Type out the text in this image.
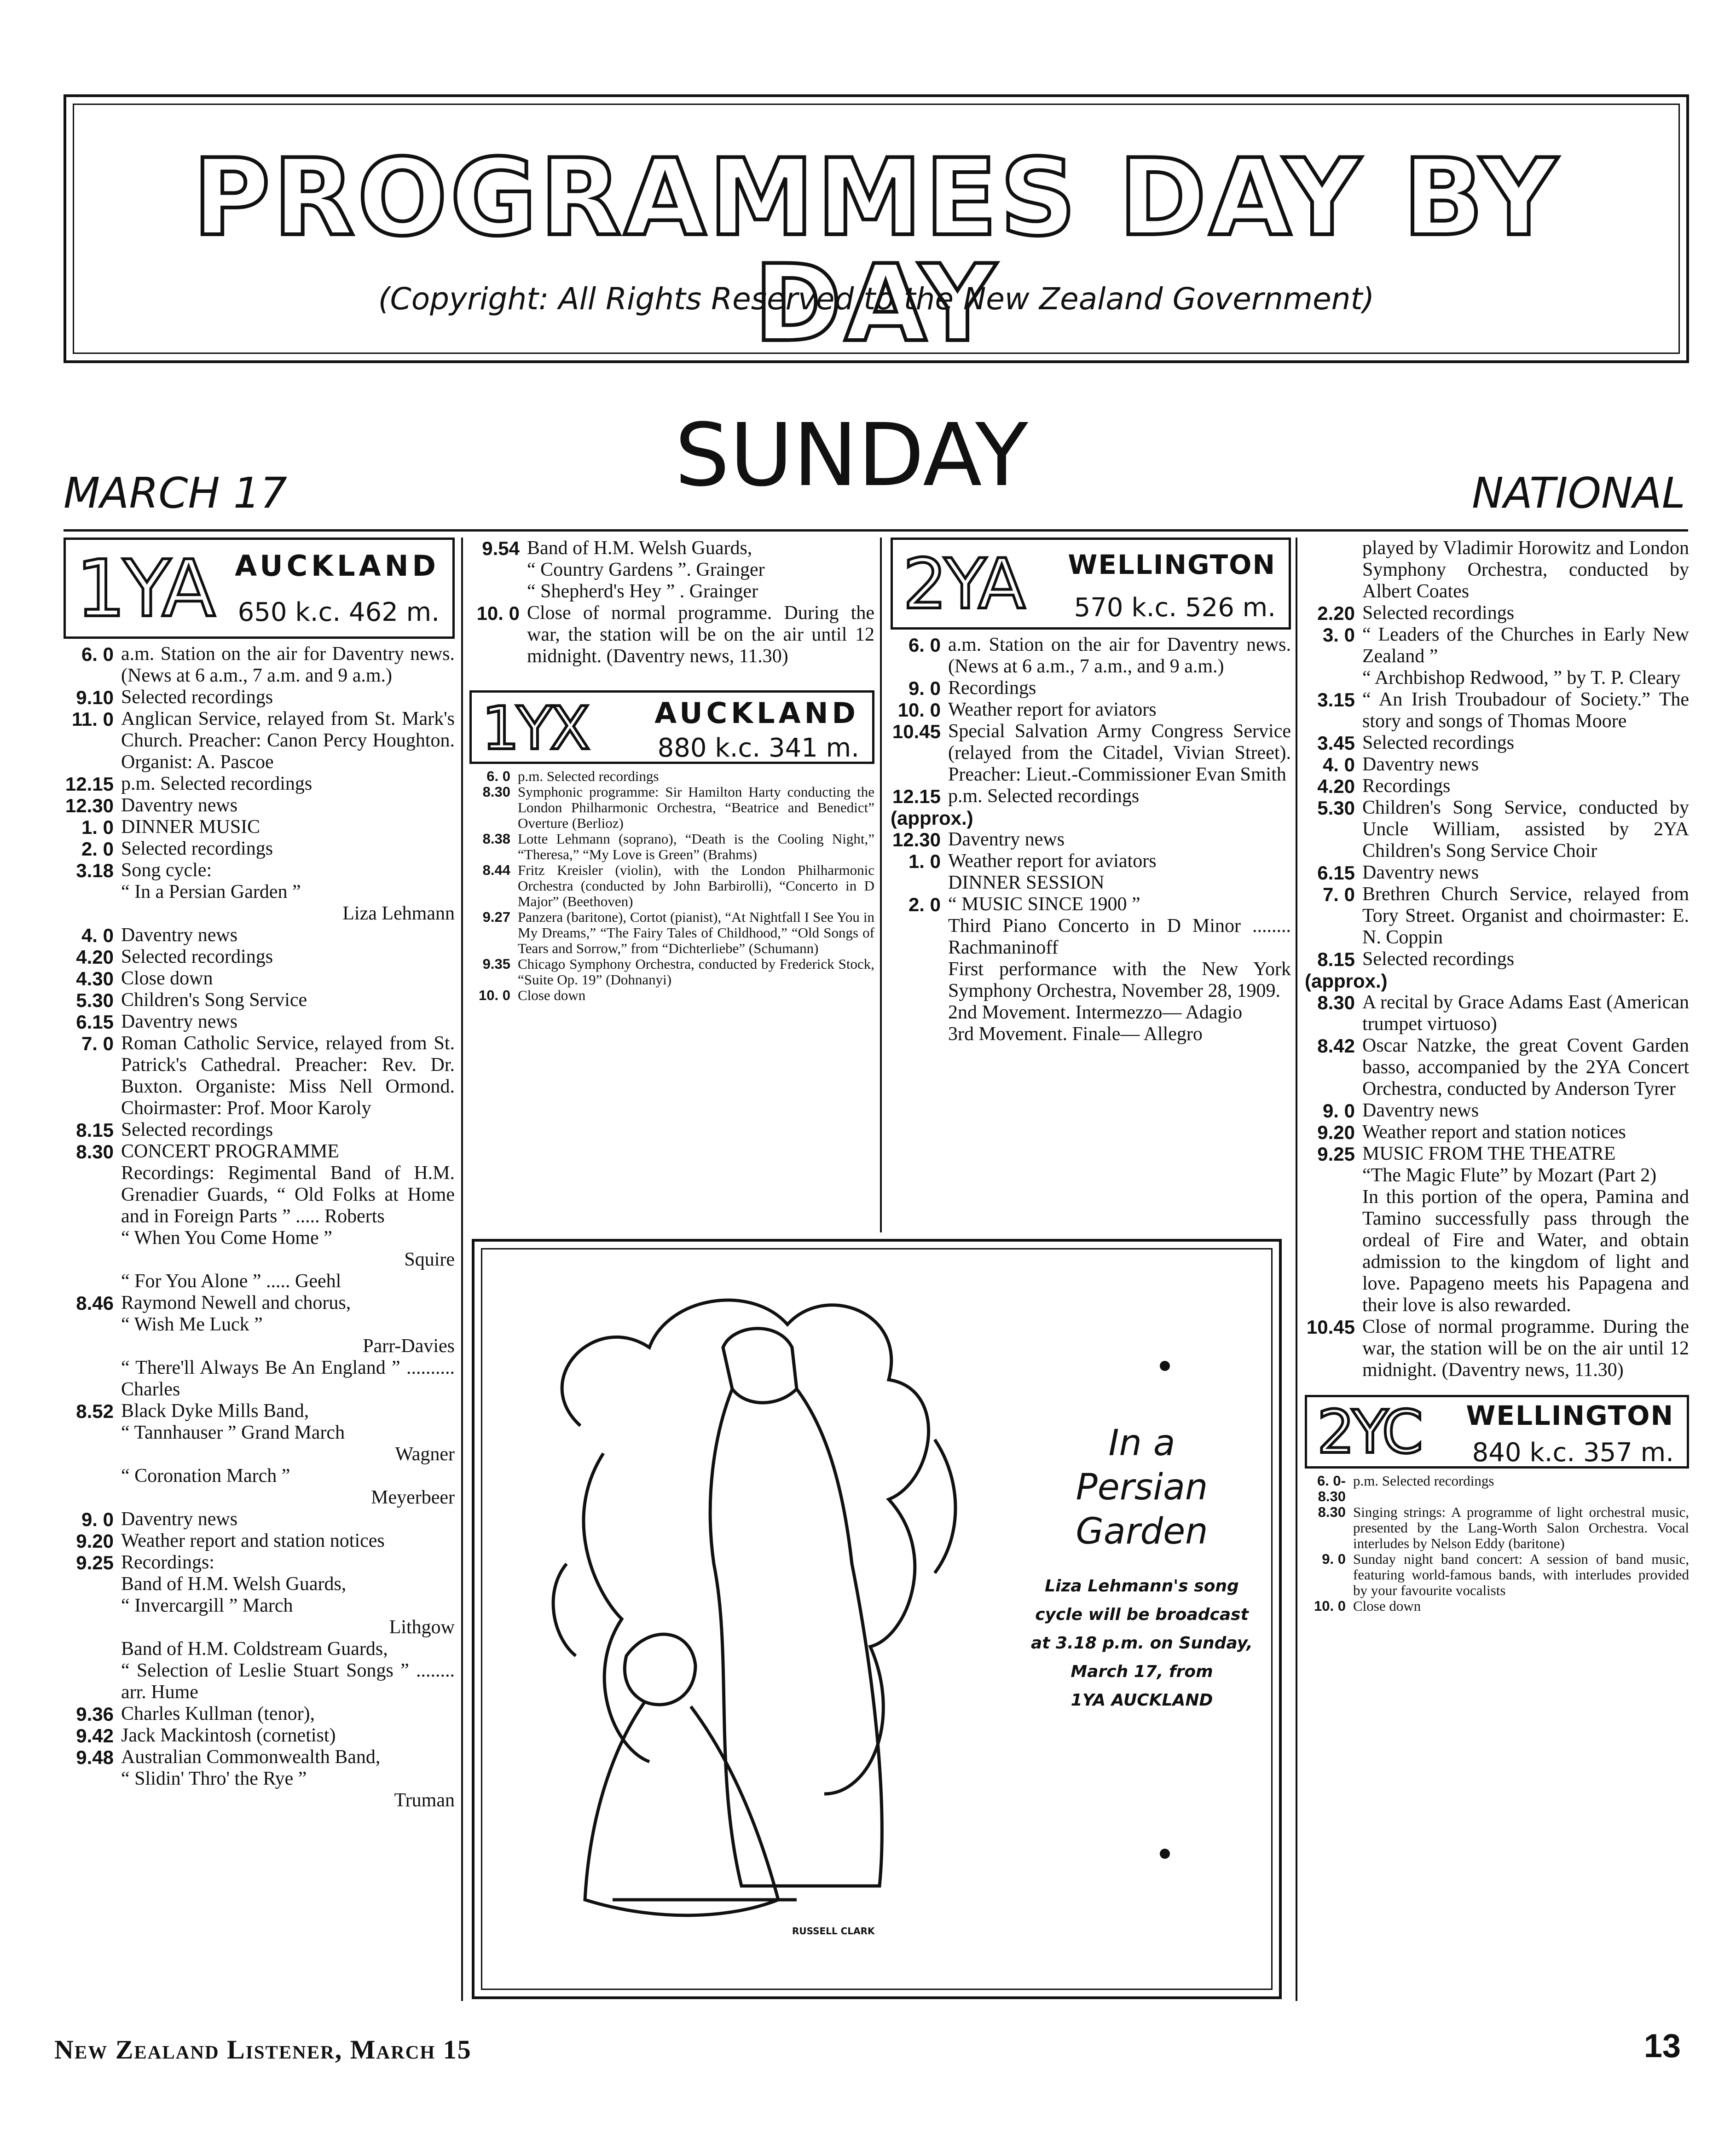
PROGRAMMES DAY BY DAY
(Copyright: All Rights Reserved to the New Zealand Government)
MARCH 17	SUNDAY	NATIONAL
1YA AUCKLAND
650 k.c. 462 m.
6. 0 a.m. Station on the air for Daventry news. (News at 6 a.m., 7 a.m. and 9 a.m.)
9.10 Selected recordings
11. 0 Anglican Service, relayed from St. Mark's Church. Preacher: Canon Percy Houghton. Organist: A. Pascoe
12.15 p.m. Selected recordings
12.30 Daventry news
1. 0 DINNER MUSIC
2. 0 Selected recordings
3.18 Song cycle:
“ In a Persian Garden ”
Liza Lehmann
4. 0 Daventry news
4.20 Selected recordings
4.30 Close down
5.30 Children's Song Service
6.15 Daventry news
7. 0 Roman Catholic Service, relayed from St. Patrick's Cathedral. Preacher: Rev. Dr. Buxton. Organiste: Miss Nell Ormond. Choirmaster: Prof. Moor Karoly
8.15 Selected recordings
8.30 CONCERT PROGRAMME
Recordings: Regimental Band of H.M. Grenadier Guards, “ Old Folks at Home and in Foreign Parts ” ..... Roberts
“ When You Come Home ”
Squire
“ For You Alone ” ..... Geehl
8.46 Raymond Newell and chorus,
“ Wish Me Luck ”
Parr-Davies
“ There'll Always Be An England ” .......... Charles
8.52 Black Dyke Mills Band,
“ Tannhauser ” Grand March
Wagner
“ Coronation March ”
Meyerbeer
9. 0 Daventry news
9.20 Weather report and station notices
9.25 Recordings:
Band of H.M. Welsh Guards,
“ Invercargill ” March
Lithgow
Band of H.M. Coldstream Guards,
“ Selection of Leslie Stuart Songs ” ........ arr. Hume
9.36 Charles Kullman (tenor),
9.42 Jack Mackintosh (cornetist)
9.48 Australian Commonwealth Band,
“ Slidin' Thro' the Rye ”
Truman
9.54 Band of H.M. Welsh Guards,
“ Country Gardens ”. Grainger
“ Shepherd's Hey ” . Grainger
10. 0 Close of normal programme. During the war, the station will be on the air until 12 midnight. (Daventry news, 11.30)
1YX AUCKLAND
880 k.c. 341 m.
6. 0 p.m. Selected recordings
8.30 Symphonic programme: Sir Hamilton Harty conducting the London Philharmonic Orchestra, “Beatrice and Benedict” Overture (Berlioz)
8.38 Lotte Lehmann (soprano), “Death is the Cooling Night,” “Theresa,” “My Love is Green” (Brahms)
8.44 Fritz Kreisler (violin), with the London Philharmonic Orchestra (conducted by John Barbirolli), “Concerto in D Major” (Beethoven)
9.27 Panzera (baritone), Cortot (pianist), “At Nightfall I See You in My Dreams,” “The Fairy Tales of Childhood,” “Old Songs of Tears and Sorrow,” from “Dichterliebe” (Schumann)
9.35 Chicago Symphony Orchestra, conducted by Frederick Stock, “Suite Op. 19” (Dohnanyi)
10. 0 Close down
2YA WELLINGTON
570 k.c. 526 m.
6. 0 a.m. Station on the air for Daventry news. (News at 6 a.m., 7 a.m., and 9 a.m.)
9. 0 Recordings
10. 0 Weather report for aviators
10.45 Special Salvation Army Congress Service (relayed from the Citadel, Vivian Street). Preacher: Lieut.-Commissioner Evan Smith
12.15 p.m. Selected recordings
(approx.)
12.30 Daventry news
1. 0 Weather report for aviators
DINNER SESSION
2. 0 “ MUSIC SINCE 1900 ”
Third Piano Concerto in D Minor ........ Rachmaninoff
First performance with the New York Symphony Orchestra, November 28, 1909.
2nd Movement. Intermezzo— Adagio
3rd Movement. Finale— Allegro
played by Vladimir Horowitz and London Symphony Orchestra, conducted by Albert Coates
2.20 Selected recordings
3. 0 “ Leaders of the Churches in Early New Zealand ”
“ Archbishop Redwood, ” by T. P. Cleary
3.15 “ An Irish Troubadour of Society.” The story and songs of Thomas Moore
3.45 Selected recordings
4. 0 Daventry news
4.20 Recordings
5.30 Children's Song Service, conducted by Uncle William, assisted by 2YA Children's Song Service Choir
6.15 Daventry news
7. 0 Brethren Church Service, relayed from Tory Street. Organist and choirmaster: E. N. Coppin
8.15 Selected recordings
(approx.)
8.30 A recital by Grace Adams East (American trumpet virtuoso)
8.42 Oscar Natzke, the great Covent Garden basso, accompanied by the 2YA Concert Orchestra, conducted by Anderson Tyrer
9. 0 Daventry news
9.20 Weather report and station notices
9.25 MUSIC FROM THE THEATRE
“The Magic Flute” by Mozart (Part 2)
In this portion of the opera, Pamina and Tamino successfully pass through the ordeal of Fire and Water, and obtain admission to the kingdom of light and love. Papageno meets his Papagena and their love is also rewarded.
10.45 Close of normal programme. During the war, the station will be on the air until 12 midnight. (Daventry news, 11.30)
2YC WELLINGTON
840 k.c. 357 m.
6. 0-8.30
p.m. Selected recordings
8.30 Singing strings: A programme of light orchestral music, presented by the Lang-Worth Salon Orchestra. Vocal interludes by Nelson Eddy (baritone)
9. 0 Sunday night band concert: A session of band music, featuring world-famous bands, with interludes provided by your favourite vocalists
10. 0 Close down
RUSSELL CLARK
In a
Persian
Garden
Liza Lehmann's song
cycle will be broadcast
at 3.18 p.m. on Sunday,
March 17, from
1YA AUCKLAND
New Zealand Listener, March 15	13
